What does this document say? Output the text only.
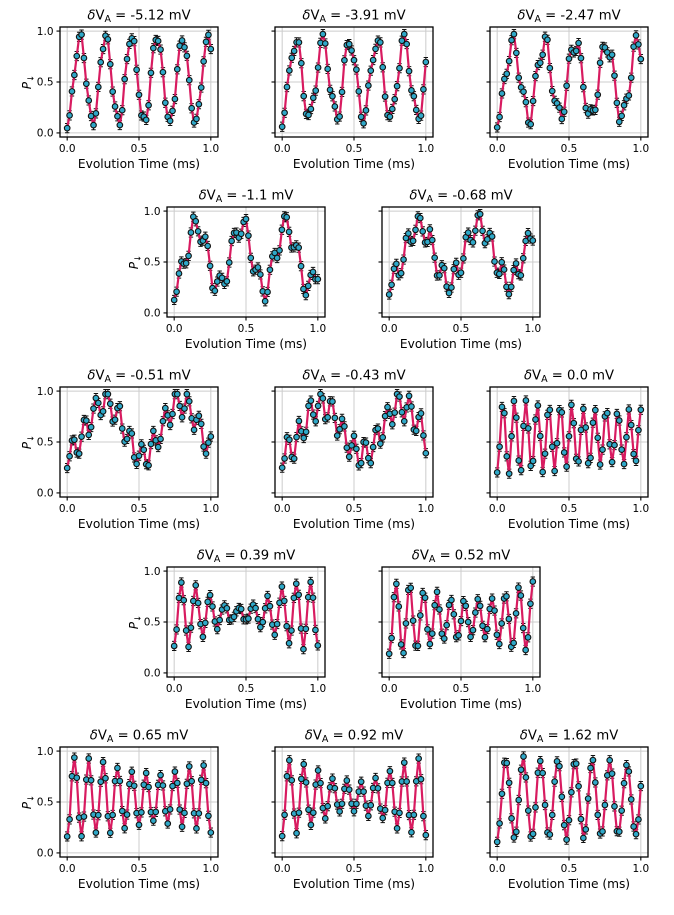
0.0	0.5	1.0
0.0
0.5
1.0
$P_↓$
Evolution Time (ms)
δVA = -5.12 mV
0.0	0.5	1.0
Evolution Time (ms)
δVA = -3.91 mV
0.0	0.5	1.0
Evolution Time (ms)
δVA = -2.47 mV
0.0	0.5	1.0
0.0
0.5
1.0
$P_↓$
Evolution Time (ms)
δVA = -1.1 mV
0.0	0.5	1.0
Evolution Time (ms)
δVA = -0.68 mV
0.0	0.5	1.0
0.0
0.5
1.0
$P_↓$
Evolution Time (ms)
δVA = -0.51 mV
0.0	0.5	1.0
Evolution Time (ms)
δVA = -0.43 mV
0.0	0.5	1.0
Evolution Time (ms)
δVA = 0.0 mV
0.0	0.5	1.0
0.0
0.5
1.0
$P_↓$
Evolution Time (ms)
δVA = 0.39 mV
0.0	0.5	1.0
Evolution Time (ms)
δVA = 0.52 mV
0.0	0.5	1.0
0.0
0.5
1.0
$P_↓$
Evolution Time (ms)
δVA = 0.65 mV
0.0	0.5	1.0
Evolution Time (ms)
δVA = 0.92 mV
0.0	0.5	1.0
Evolution Time (ms)
δVA = 1.62 mV
